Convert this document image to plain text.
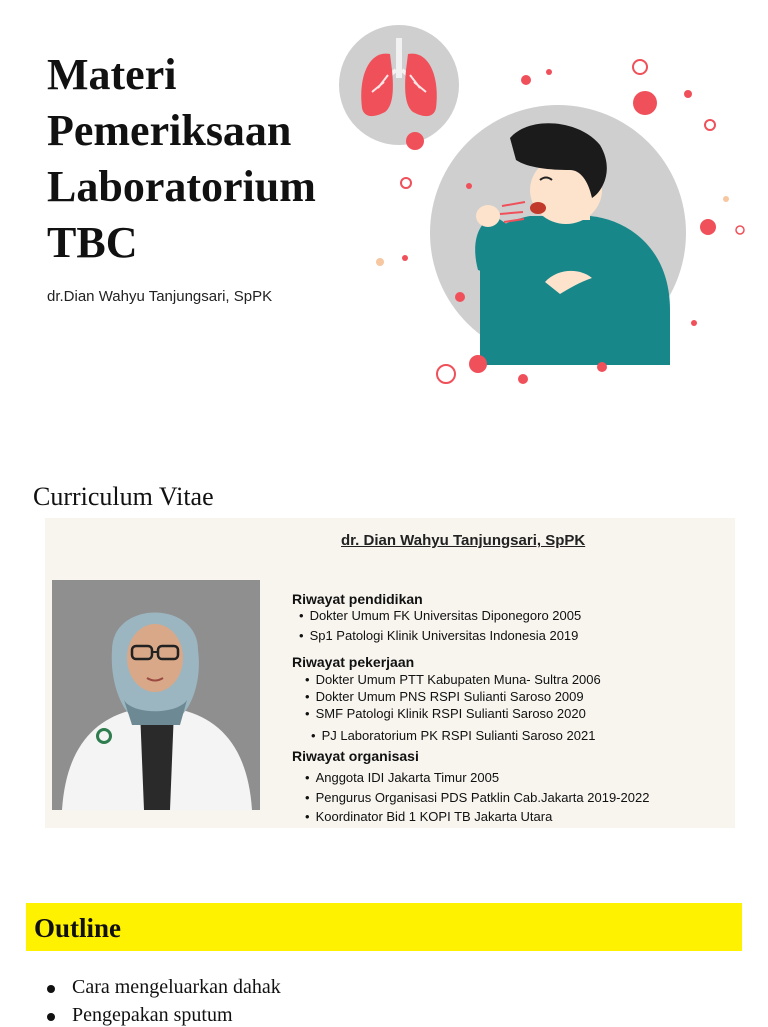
Materi
Pemeriksaan
Laboratorium
TBC
dr.Dian Wahyu Tanjungsari, SpPK
Curriculum Vitae
dr. Dian Wahyu Tanjungsari, SpPK
Riwayat pendidikan
• Dokter Umum FK Universitas Diponegoro 2005
• Sp1 Patologi Klinik Universitas Indonesia 2019
Riwayat pekerjaan
• Dokter Umum PTT Kabupaten Muna- Sultra 2006
• Dokter Umum PNS RSPI Sulianti Saroso 2009
• SMF Patologi Klinik RSPI Sulianti Saroso 2020
• PJ Laboratorium PK RSPI Sulianti Saroso 2021
Riwayat organisasi
• Anggota IDI Jakarta Timur 2005
• Pengurus Organisasi PDS Patklin Cab.Jakarta 2019-2022
• Koordinator Bid 1 KOPI TB Jakarta Utara
Outline
Cara mengeluarkan dahak
Pengepakan sputum
